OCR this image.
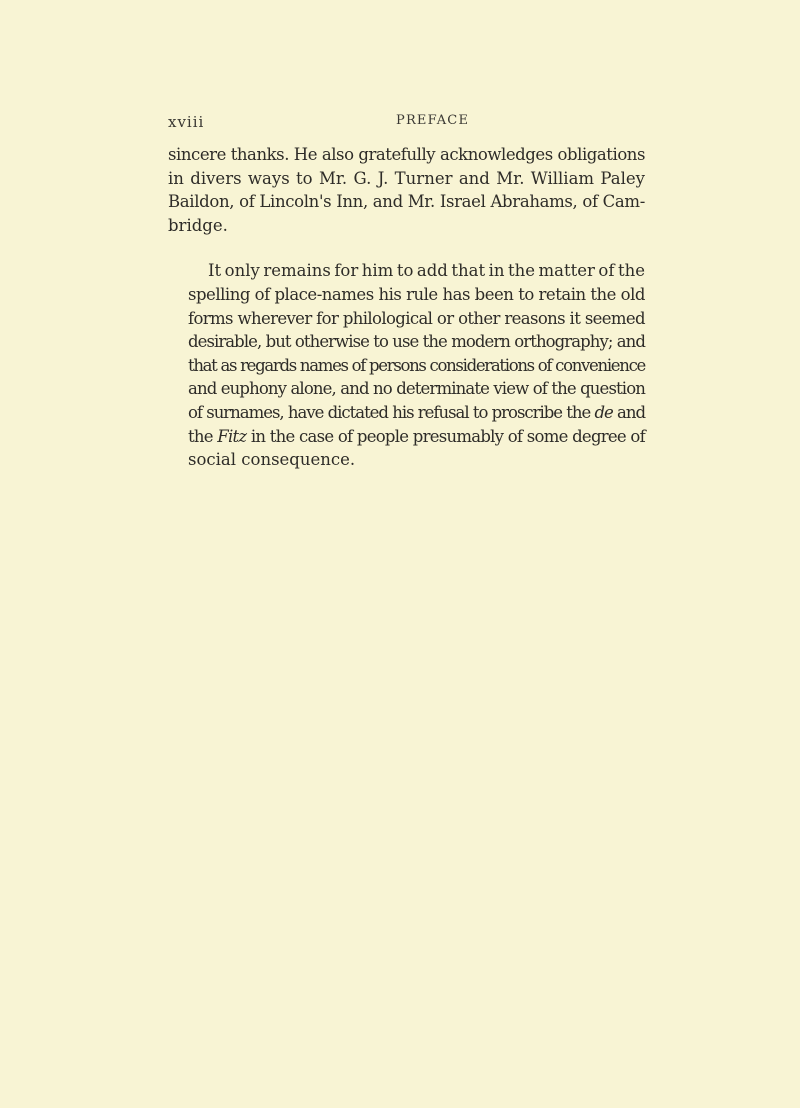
xviii	PREFACE
sincere thanks. He also gratefully acknowledges obligations
in divers ways to Mr. G. J. Turner and Mr. William Paley
Baildon, of Lincoln's Inn, and Mr. Israel Abrahams, of Cam-
bridge.
It only remains for him to add that in the matter of the
spelling of place-names his rule has been to retain the old
forms wherever for philological or other reasons it seemed
desirable, but otherwise to use the modern orthography; and
that as regards names of persons considerations of convenience
and euphony alone, and no determinate view of the question
of surnames, have dictated his refusal to proscribe the de and
the Fitz in the case of people presumably of some degree of
social consequence.
